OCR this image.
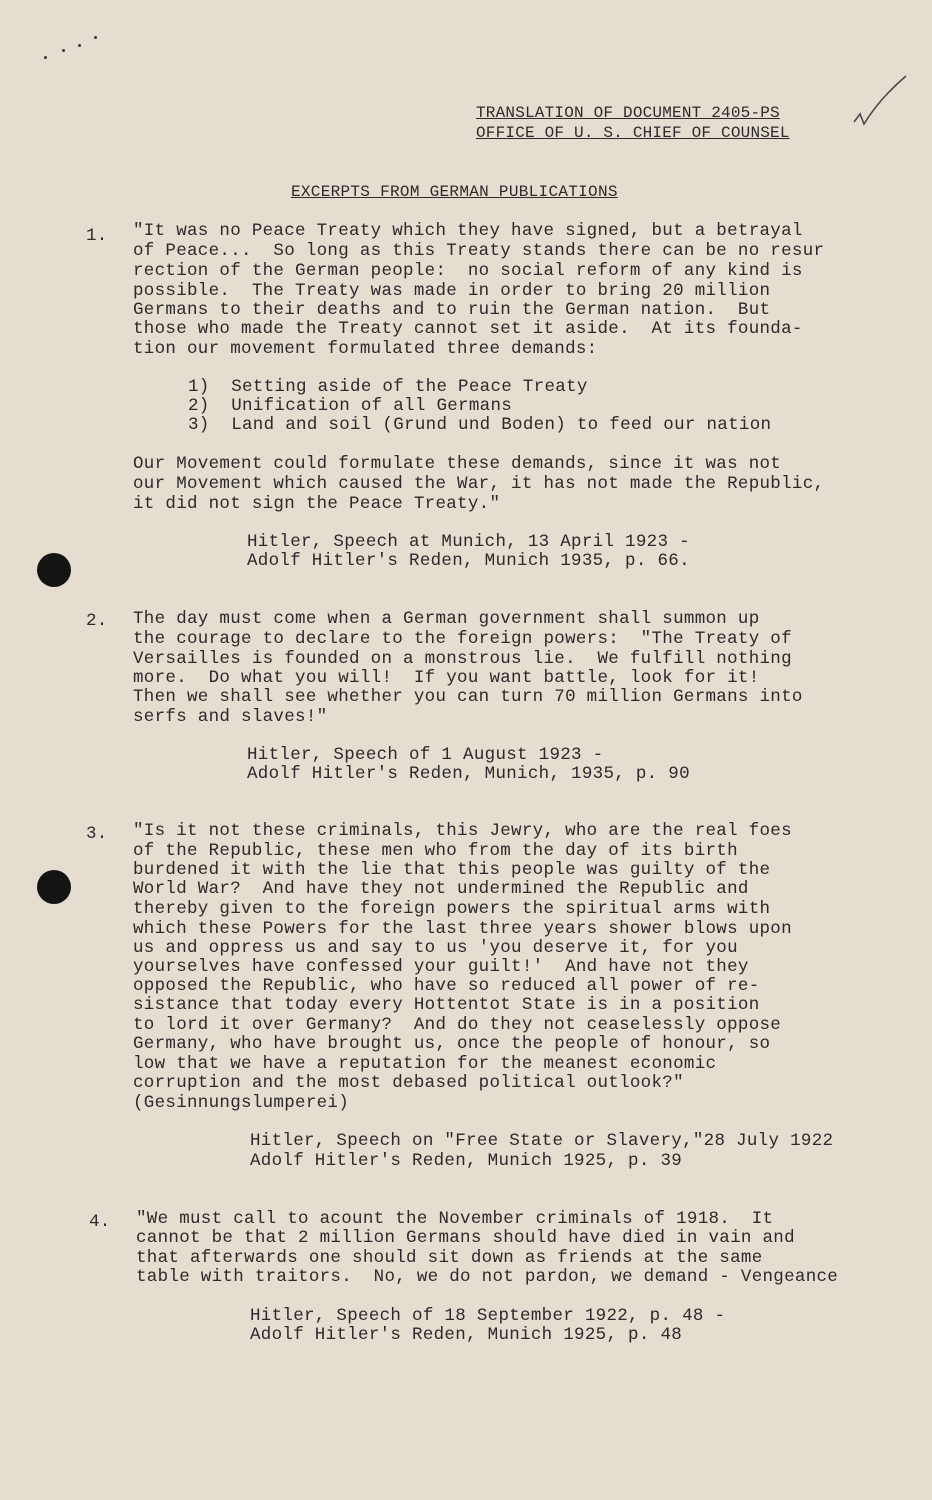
TRANSLATION OF DOCUMENT 2405-PS
OFFICE OF U. S. CHIEF OF COUNSEL
EXCERPTS FROM GERMAN PUBLICATIONS
1. "It was no Peace Treaty which they have signed, but a betrayal
of Peace...  So long as this Treaty stands there can be no resur
rection of the German people:  no social reform of any kind is
possible.  The Treaty was made in order to bring 20 million
Germans to their deaths and to ruin the German nation.  But
those who made the Treaty cannot set it aside.  At its founda-
tion our movement formulated three demands:
1)  Setting aside of the Peace Treaty
2)  Unification of all Germans
3)  Land and soil (Grund und Boden) to feed our nation
Our Movement could formulate these demands, since it was not
our Movement which caused the War, it has not made the Republic,
it did not sign the Peace Treaty."
Hitler, Speech at Munich, 13 April 1923 -
Adolf Hitler's Reden, Munich 1935, p. 66.
2. The day must come when a German government shall summon up
the courage to declare to the foreign powers:  "The Treaty of
Versailles is founded on a monstrous lie.  We fulfill nothing
more.  Do what you will!  If you want battle, look for it!
Then we shall see whether you can turn 70 million Germans into
serfs and slaves!"
Hitler, Speech of 1 August 1923 -
Adolf Hitler's Reden, Munich, 1935, p. 90
3. "Is it not these criminals, this Jewry, who are the real foes
of the Republic, these men who from the day of its birth
burdened it with the lie that this people was guilty of the
World War?  And have they not undermined the Republic and
thereby given to the foreign powers the spiritual arms with
which these Powers for the last three years shower blows upon
us and oppress us and say to us 'you deserve it, for you
yourselves have confessed your guilt!'  And have not they
opposed the Republic, who have so reduced all power of re-
sistance that today every Hottentot State is in a position
to lord it over Germany?  And do they not ceaselessly oppose
Germany, who have brought us, once the people of honour, so
low that we have a reputation for the meanest economic
corruption and the most debased political outlook?"
(Gesinnungslumperei)
Hitler, Speech on "Free State or Slavery,"28 July 1922
Adolf Hitler's Reden, Munich 1925, p. 39
4. "We must call to acount the November criminals of 1918.  It
cannot be that 2 million Germans should have died in vain and
that afterwards one should sit down as friends at the same
table with traitors.  No, we do not pardon, we demand - Vengeance
Hitler, Speech of 18 September 1922, p. 48 -
Adolf Hitler's Reden, Munich 1925, p. 48
